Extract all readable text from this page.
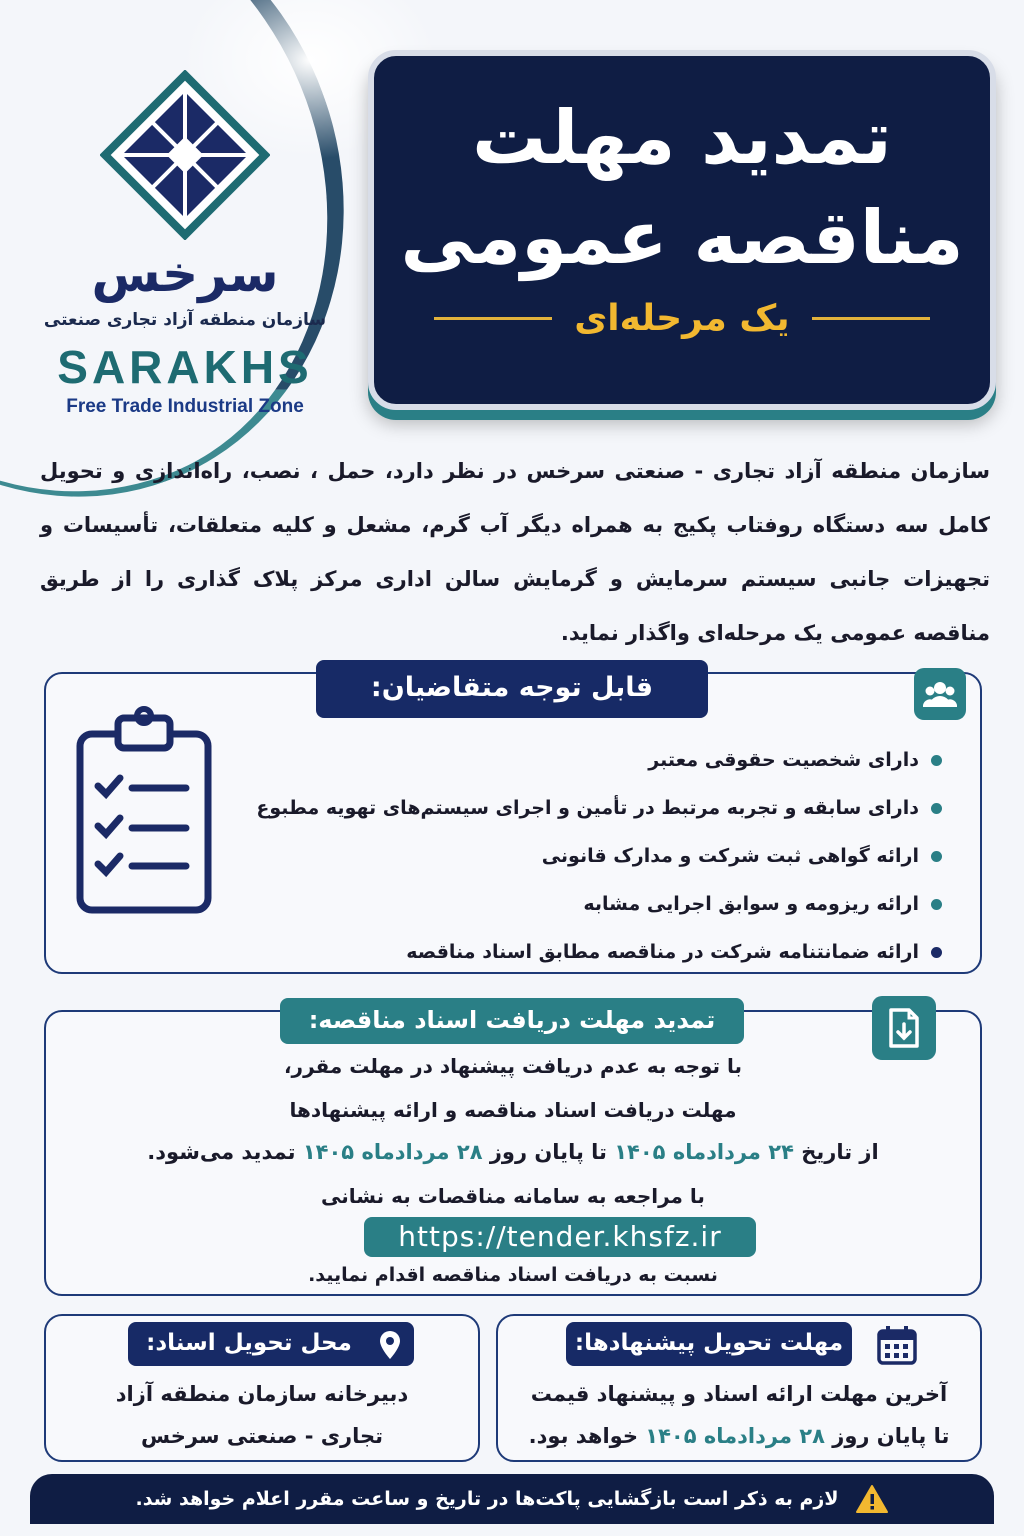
سرخس
سازمان منطقه آزاد تجاری صنعتی
SARAKHS
Free Trade Industrial Zone
تمدید مهلت
مناقصه عمومی
یک مرحله‌ای

سازمان منطقه آزاد تجاری - صنعتی سرخس در نظر دارد، حمل ، نصب، راه‌اندازی و تحویل کامل سه دستگاه روفتاب پکیج به همراه دیگر آب گرم، مشعل و کلیه متعلقات، تأسیسات و تجهیزات جانبی سیستم سرمایش و گرمایش سالن اداری مرکز پلاک گذاری را از طریق مناقصه عمومی یک مرحله‌ای واگذار نماید.

قابل توجه متقاضیان:
دارای شخصیت حقوقی معتبر
دارای سابقه و تجربه مرتبط در تأمین و اجرای سیستم‌های تهویه مطبوع
ارائه گواهی ثبت شرکت و مدارک قانونی
ارائه ریزومه و سوابق اجرایی مشابه
ارائه ضمانتنامه شرکت در مناقصه مطابق اسناد مناقصه
تمدید مهلت دریافت اسناد مناقصه:
با توجه به عدم دریافت پیشنهاد در مهلت مقرر،
مهلت دریافت اسناد مناقصه و ارائه پیشنهادها
از تاریخ ۲۴ مردادماه ۱۴۰۵ تا پایان روز ۲۸ مردادماه ۱۴۰۵ تمدید می‌شود.
با مراجعه به سامانه مناقصات به نشانی
https://tender.khsfz.ir
نسبت به دریافت اسناد مناقصه اقدام نمایید.
مهلت تحویل پیشنهادها:
آخرین مهلت ارائه اسناد و پیشنهاد قیمت
تا پایان روز ۲۸ مردادماه ۱۴۰۵ خواهد بود.
محل تحویل اسناد:
دبیرخانه سازمان منطقه آزاد
تجاری - صنعتی سرخس
لازم به ذکر است بازگشایی پاکت‌ها در تاریخ و ساعت مقرر اعلام خواهد شد.
